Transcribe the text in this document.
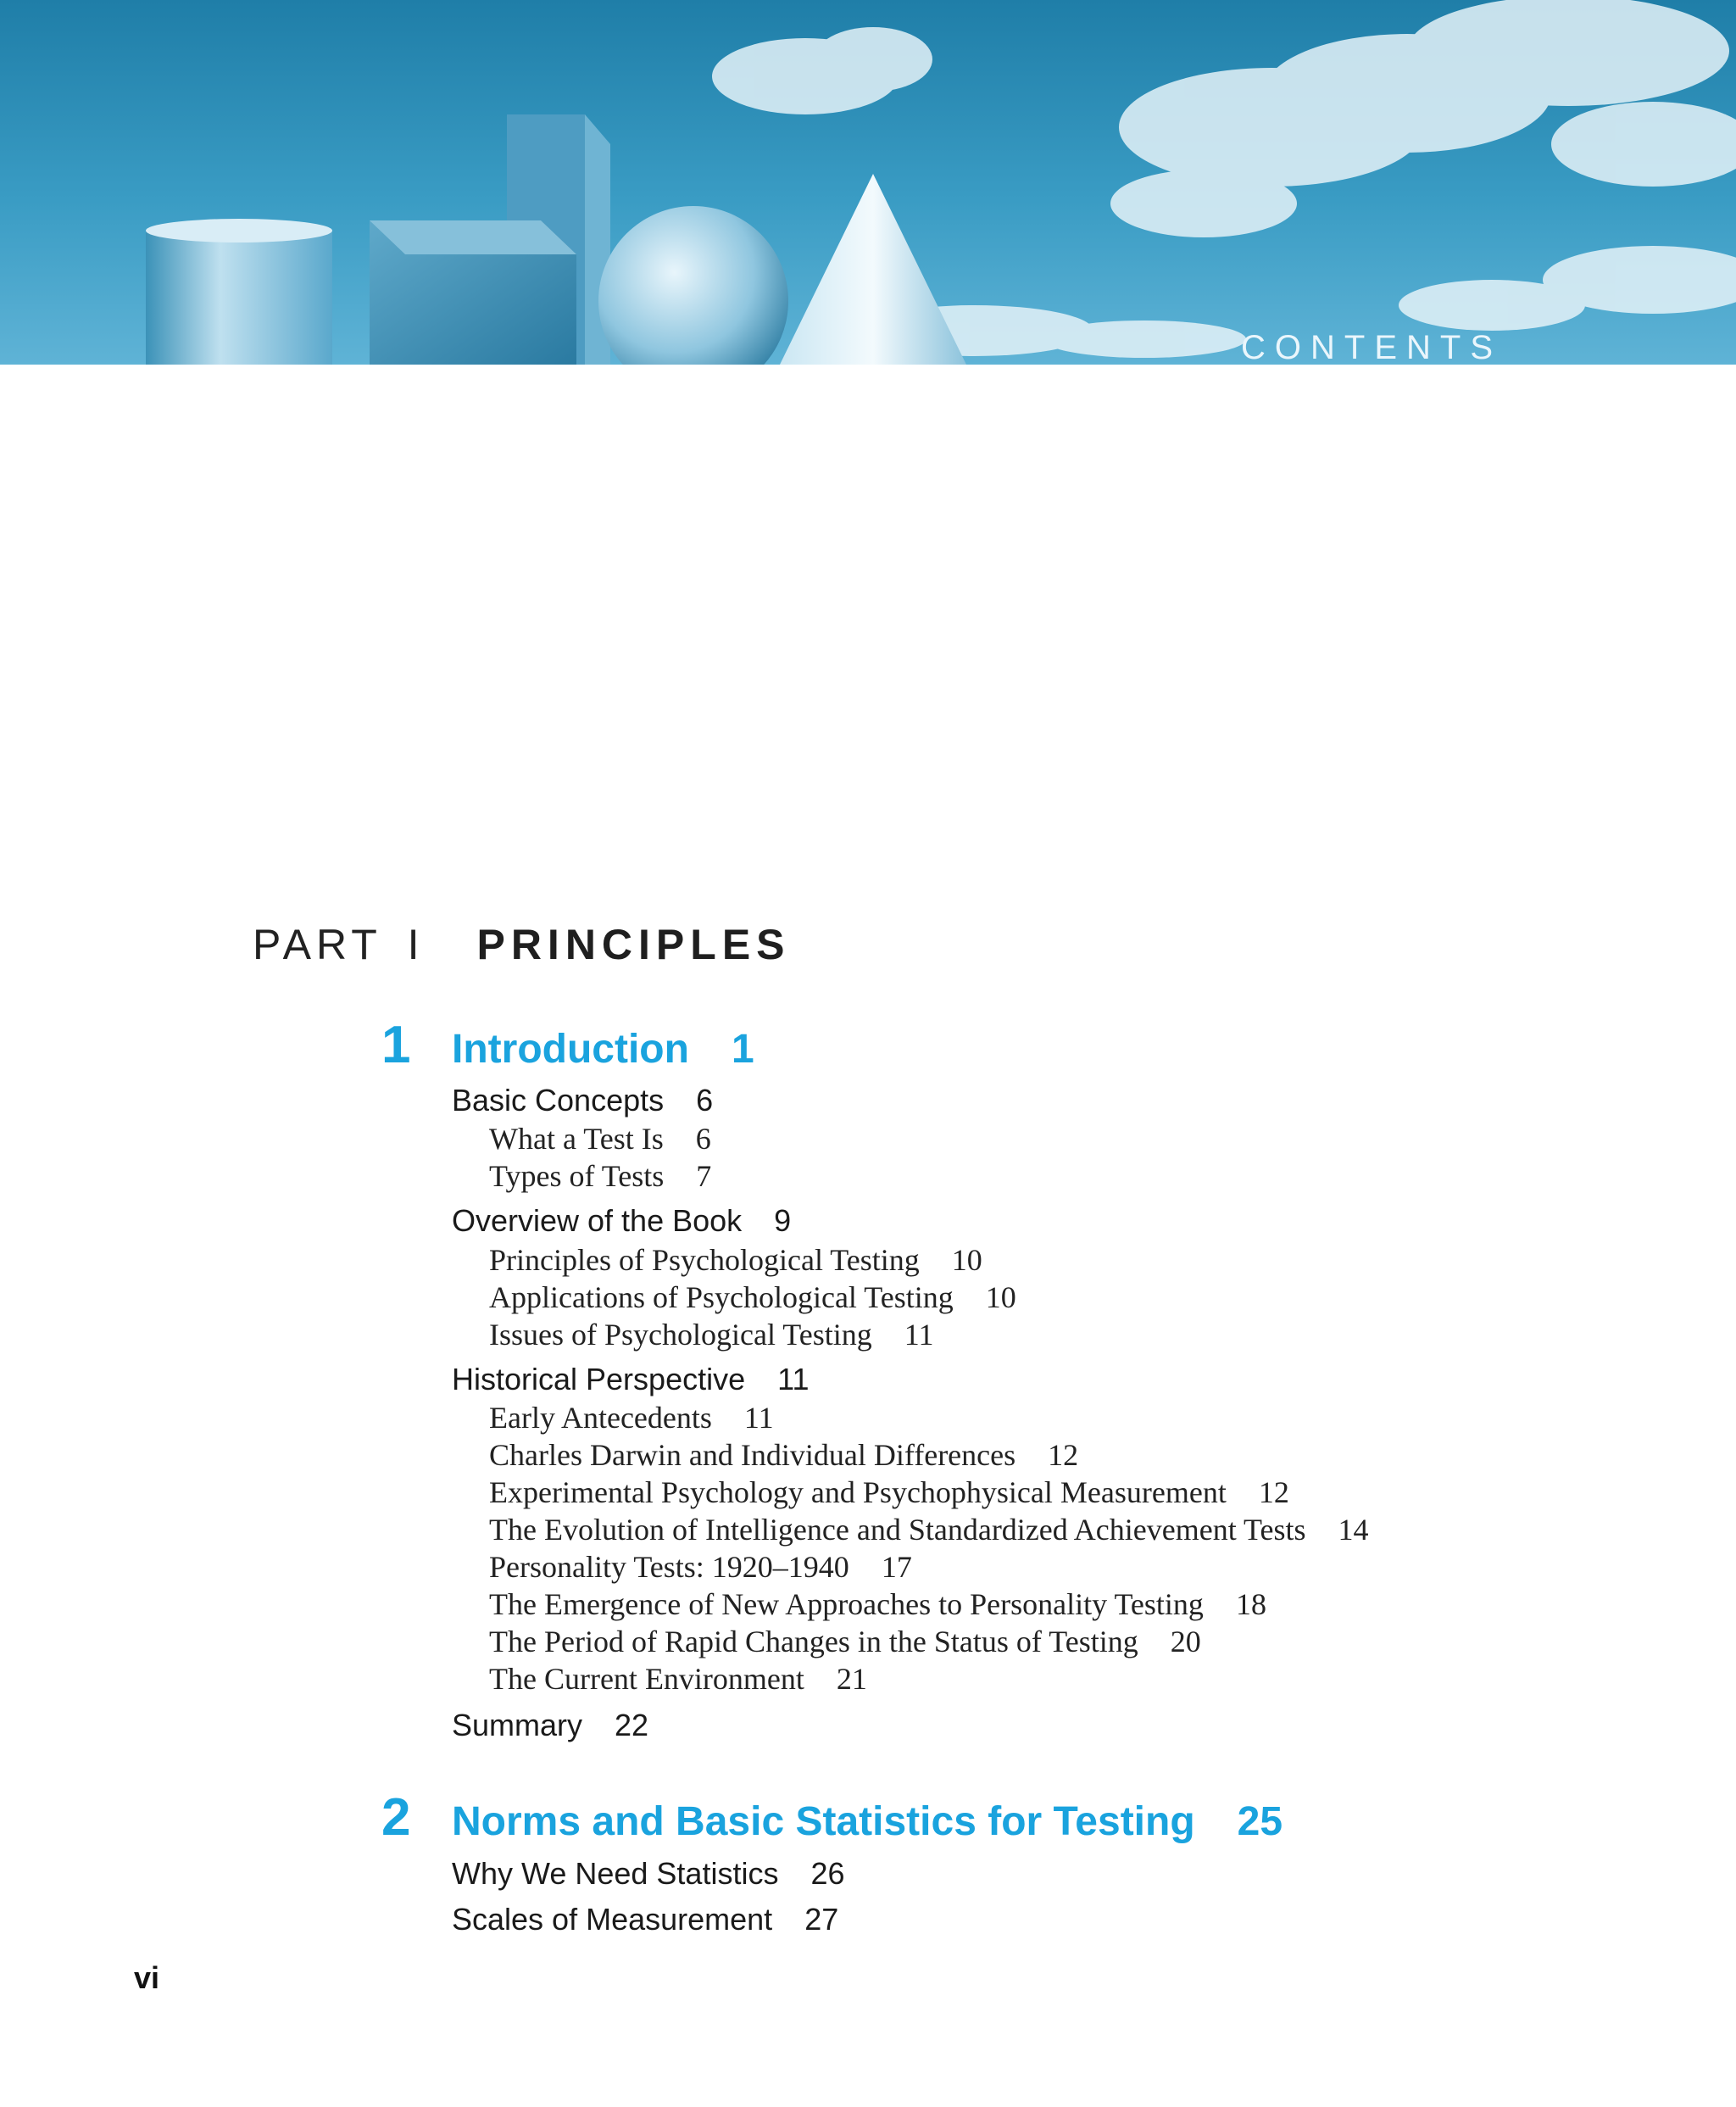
CONTENTS
PART I PRINCIPLES
1 Introduction 1
Basic Concepts 6
What a Test Is 6
Types of Tests 7
Overview of the Book 9
Principles of Psychological Testing 10
Applications of Psychological Testing 10
Issues of Psychological Testing 11
Historical Perspective 11
Early Antecedents 11
Charles Darwin and Individual Differences 12
Experimental Psychology and Psychophysical Measurement 12
The Evolution of Intelligence and Standardized Achievement Tests 14
Personality Tests: 1920–1940 17
The Emergence of New Approaches to Personality Testing 18
The Period of Rapid Changes in the Status of Testing 20
The Current Environment 21
Summary 22
2 Norms and Basic Statistics for Testing 25
Why We Need Statistics 26
Scales of Measurement 27
vi
